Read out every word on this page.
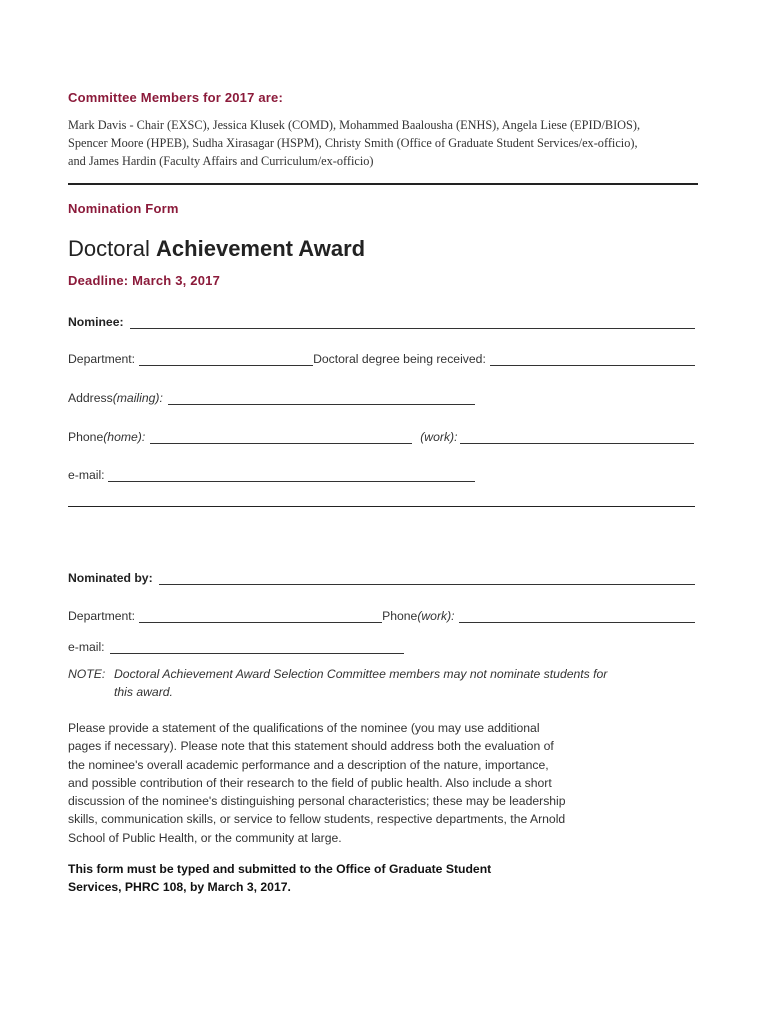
Committee Members for 2017 are:
Mark Davis - Chair (EXSC), Jessica Klusek (COMD), Mohammed Baalousha (ENHS), Angela Liese (EPID/BIOS),
Spencer Moore (HPEB), Sudha Xirasagar (HSPM), Christy Smith (Office of Graduate Student Services/ex-officio),
and James Hardin (Faculty Affairs and Curriculum/ex-officio)
Nomination Form
Doctoral Achievement Award
Deadline: March 3, 2017
Nominee:
Department:	Doctoral degree being received:
Address (mailing):
Phone (home):	(work):
e-mail:
Nominated by:
Department:	Phone (work):
e-mail:
NOTE: Doctoral Achievement Award Selection Committee members may not nominate students for
this award.
Please provide a statement of the qualifications of the nominee (you may use additional
pages if necessary). Please note that this statement should address both the evaluation of
the nominee's overall academic performance and a description of the nature, importance,
and possible contribution of their research to the field of public health. Also include a short
discussion of the nominee's distinguishing personal characteristics; these may be leadership
skills, communication skills, or service to fellow students, respective departments, the Arnold
School of Public Health, or the community at large.
This form must be typed and submitted to the Office of Graduate Student
Services, PHRC 108, by March 3, 2017.
